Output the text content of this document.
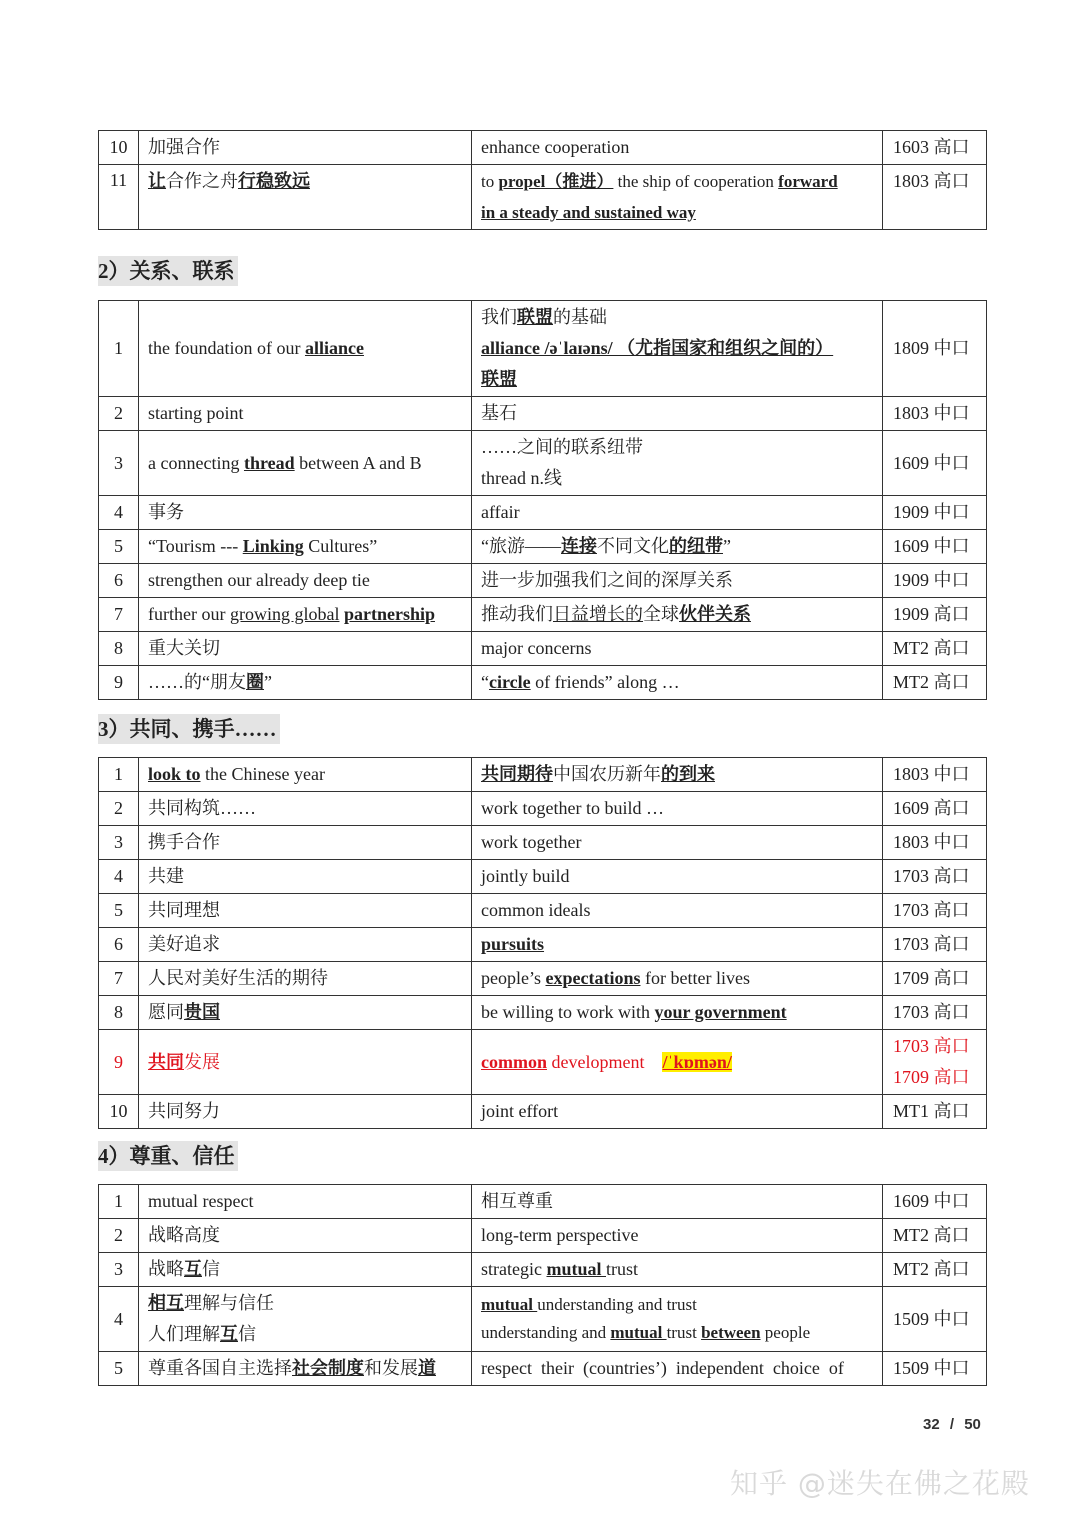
10	加强合作	enhance cooperation	1603 高口
11	让合作之舟行稳致远	to propel（推进） the ship of cooperation forward
in a steady and sustained way	1803 高口
2）关系、联系
1	the foundation of our alliance	我们联盟的基础
alliance /əˈlaɪəns/ （尤指国家和组织之间的）
联盟	1809 中口
2	starting point	基石	1803 中口
3	a connecting thread between A and B	……之间的联系纽带
thread n.线	1609 中口
4	事务	affair	1909 中口
5	“Tourism --- Linking Cultures”	“旅游——连接不同文化的纽带”	1609 中口
6	strengthen our already deep tie	进一步加强我们之间的深厚关系	1909 中口
7	further our growing global partnership	推动我们日益增长的全球伙伴关系	1909 高口
8	重大关切	major concerns	MT2 高口
9	……的“朋友圈”	“circle of friends” along …	MT2 高口
3）共同、携手……
1	look to the Chinese year	共同期待中国农历新年的到来	1803 中口
2	共同构筑……	work together to build …	1609 高口
3	携手合作	work together	1803 中口
4	共建	jointly build	1703 高口
5	共同理想	common ideals	1703 高口
6	美好追求	pursuits	1703 高口
7	人民对美好生活的期待	people’s expectations for better lives	1709 高口
8	愿同贵国	be willing to work with your government	1703 高口
9	共同发展	common development    /ˈkɒmən/	1703 高口
1709 高口

10	共同努力	joint effort	MT1 高口
4）尊重、信任
1	mutual respect	相互尊重	1609 中口
2	战略高度	long-term perspective	MT2 高口
3	战略互信	strategic mutual trust	MT2 高口
4	相互理解与信任
人们理解互信	mutual understanding and trust
understanding and mutual trust between people	1509 中口
5	尊重各国自主选择社会制度和发展道	respect  their  (countries’)  independent  choice  of	1509 中口
32 / 50
知乎 @迷失在佛之花殿
